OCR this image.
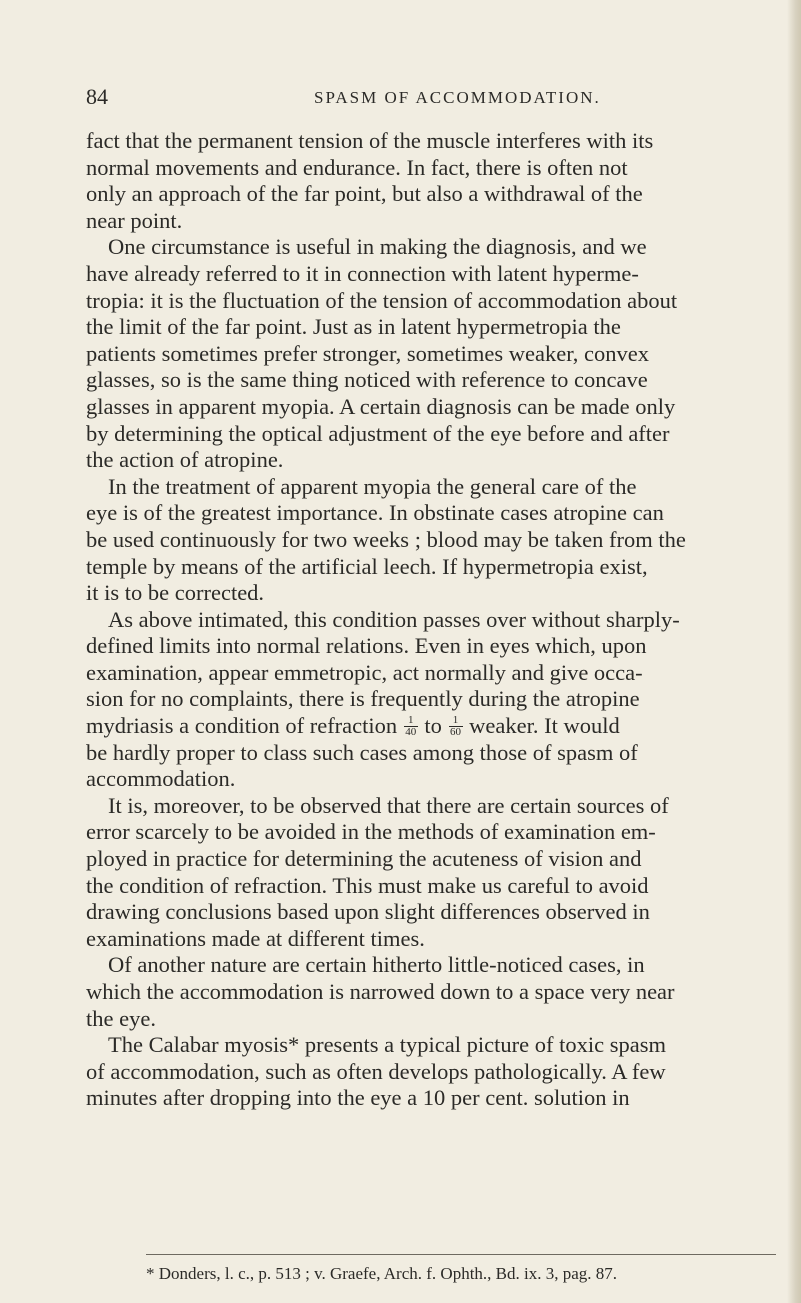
84	SPASM OF ACCOMMODATION.
fact that the permanent tension of the muscle interferes with its
normal movements and endurance. In fact, there is often not
only an approach of the far point, but also a withdrawal of the
near point.
One circumstance is useful in making the diagnosis, and we
have already referred to it in connection with latent hyperme-
tropia: it is the fluctuation of the tension of accommodation about
the limit of the far point. Just as in latent hypermetropia the
patients sometimes prefer stronger, sometimes weaker, convex
glasses, so is the same thing noticed with reference to concave
glasses in apparent myopia. A certain diagnosis can be made only
by determining the optical adjustment of the eye before and after
the action of atropine.
In the treatment of apparent myopia the general care of the
eye is of the greatest importance. In obstinate cases atropine can
be used continuously for two weeks ; blood may be taken from the
temple by means of the artificial leech. If hypermetropia exist,
it is to be corrected.
As above intimated, this condition passes over without sharply-
defined limits into normal relations. Even in eyes which, upon
examination, appear emmetropic, act normally and give occa-
sion for no complaints, there is frequently during the atropine
mydriasis a condition of refraction $\frac{1}{40}$ to $\frac{1}{60}$ weaker. It would
be hardly proper to class such cases among those of spasm of
accommodation.
It is, moreover, to be observed that there are certain sources of
error scarcely to be avoided in the methods of examination em-
ployed in practice for determining the acuteness of vision and
the condition of refraction. This must make us careful to avoid
drawing conclusions based upon slight differences observed in
examinations made at different times.
Of another nature are certain hitherto little-noticed cases, in
which the accommodation is narrowed down to a space very near
the eye.
The Calabar myosis* presents a typical picture of toxic spasm
of accommodation, such as often develops pathologically. A few
minutes after dropping into the eye a 10 per cent. solution in
* Donders, l. c., p. 513 ; v. Graefe, Arch. f. Ophth., Bd. ix. 3, pag. 87.
